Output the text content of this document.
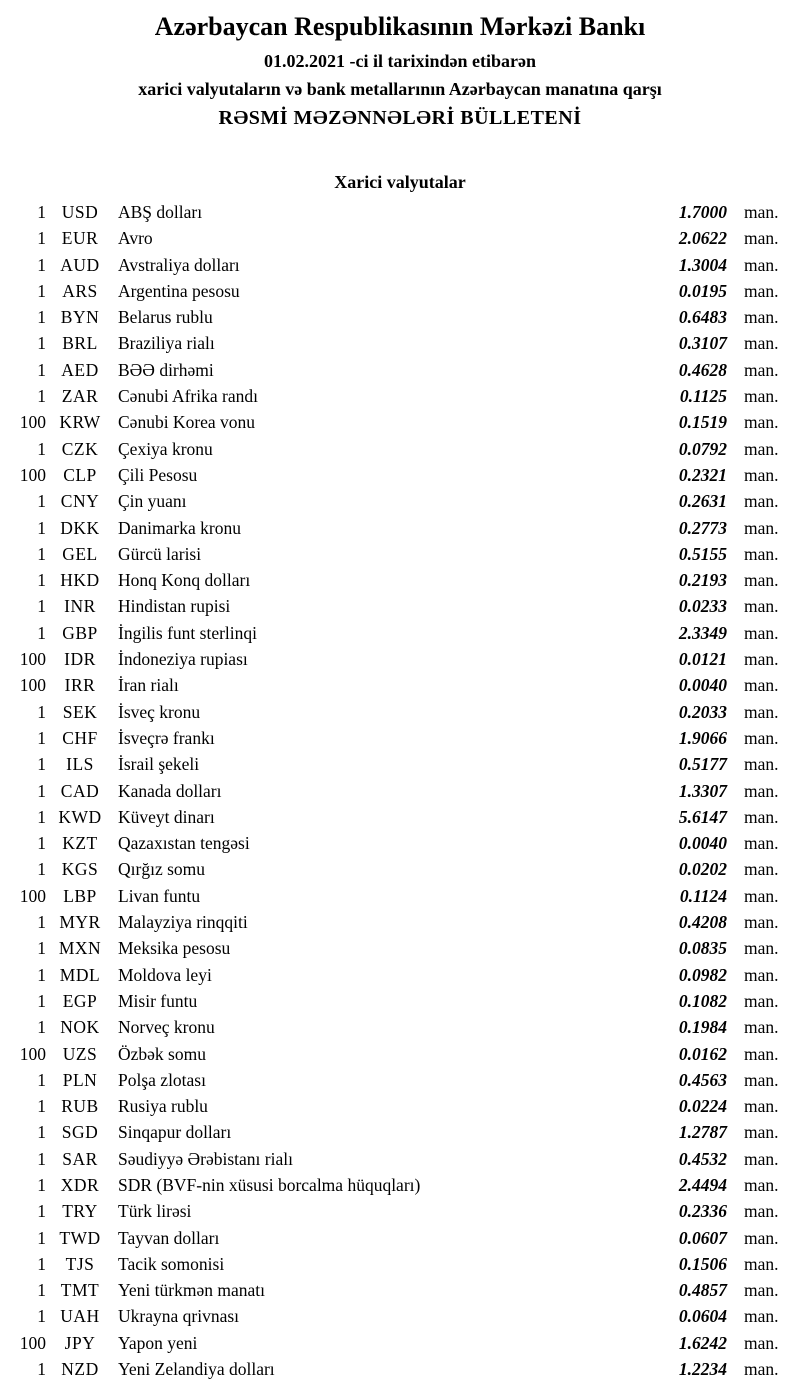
Azərbaycan Respublikasının Mərkəzi Bankı
01.02.2021 -ci il tarixindən etibarən
xarici valyutaların və bank metallarının Azərbaycan manatına qarşı
RƏSMİ MƏZƏNNƏLƏRİ BÜLLETENİ
Xarici valyutalar
1 USD	ABŞ dolları	1.7000 man.
1 EUR	Avro	2.0622 man.
1 AUD	Avstraliya dolları	1.3004 man.
1 ARS	Argentina pesosu	0.0195 man.
1 BYN	Belarus rublu	0.6483 man.
1 BRL	Braziliya rialı	0.3107 man.
1 AED	BƏƏ dirhəmi	0.4628 man.
1 ZAR	Cənubi Afrika randı	0.1125 man.
100 KRW Cənubi Korea vonu	0.1519 man.
1 CZK	Çexiya kronu	0.0792 man.
100 CLP	Çili Pesosu	0.2321 man.
1 CNY	Çin yuanı	0.2631 man.
1 DKK	Danimarka kronu	0.2773 man.
1 GEL	Gürcü larisi	0.5155 man.
1 HKD	Honq Konq dolları	0.2193 man.
1	INR	Hindistan rupisi	0.0233 man.
1 GBP	İngilis funt sterlinqi	2.3349 man.
100	IDR	İndoneziya rupiası	0.0121 man.
100	IRR	İran rialı	0.0040 man.
1 SEK	İsveç kronu	0.2033 man.
1 CHF	İsveçrə frankı	1.9066 man.
1	ILS	İsrail şekeli	0.5177 man.
1 CAD	Kanada dolları	1.3307 man.
1 KWD Küveyt dinarı	5.6147 man.
1 KZT	Qazaxıstan tengəsi	0.0040 man.
1 KGS	Qırğız somu	0.0202 man.
100 LBP	Livan funtu	0.1124 man.
1 MYR Malayziya rinqqiti	0.4208 man.
1 MXN Meksika pesosu	0.0835 man.
1 MDL	Moldova leyi	0.0982 man.
1 EGP	Misir funtu	0.1082 man.
1 NOK	Norveç kronu	0.1984 man.
100 UZS	Özbək somu	0.0162 man.
1 PLN	Polşa zlotası	0.4563 man.
1 RUB	Rusiya rublu	0.0224 man.
1 SGD	Sinqapur dolları	1.2787 man.
1 SAR	Səudiyyə Ərəbistanı rialı	0.4532 man.
1 XDR	SDR (BVF-nin xüsusi borcalma hüquqları)	2.4494 man.
1 TRY	Türk lirəsi	0.2336 man.
1 TWD Tayvan dolları	0.0607 man.
1	TJS	Tacik somonisi	0.1506 man.
1 TMT	Yeni türkmən manatı	0.4857 man.
1 UAH	Ukrayna qrivnası	0.0604 man.
100	JPY	Yapon yeni	1.6242 man.
1 NZD	Yeni Zelandiya dolları	1.2234 man.
